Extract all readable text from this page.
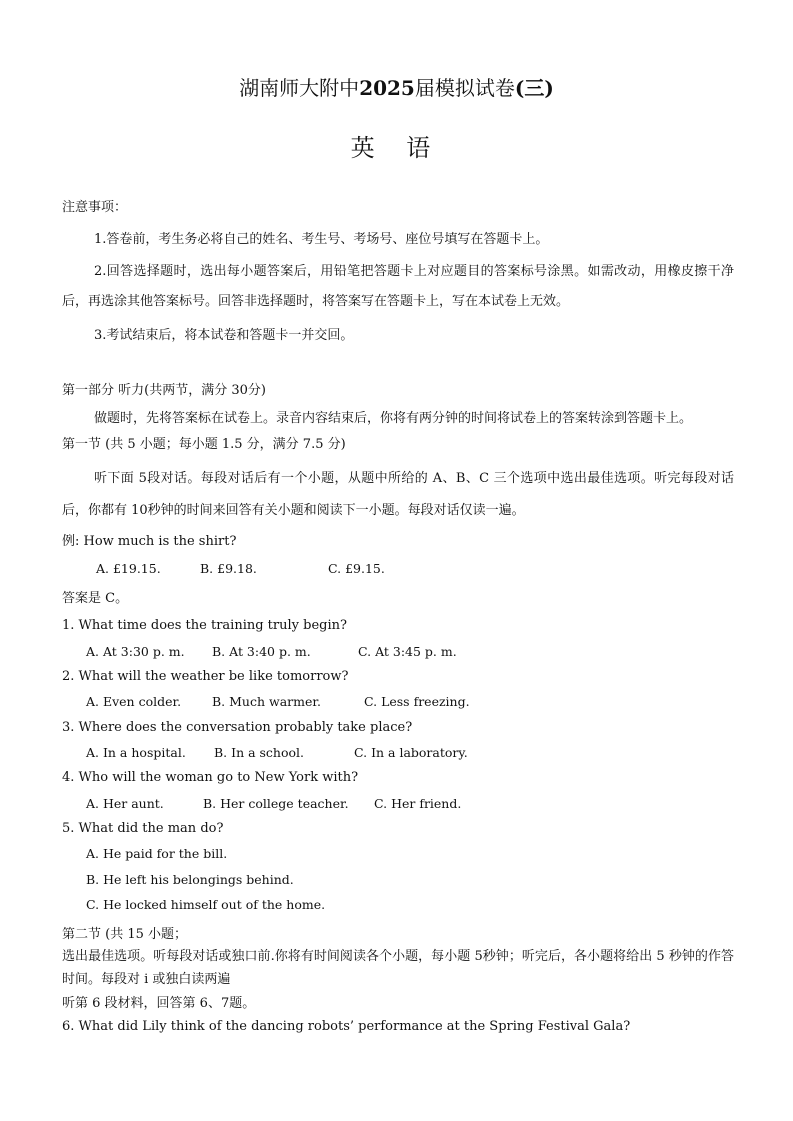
湖南师大附中2025届模拟试卷(三)
英 语
注意事项：
1.答卷前，考生务必将自己的姓名、考生号、考场号、座位号填写在答题卡上。
2.回答选择题时，选出每小题答案后，用铅笔把答题卡上对应题目的答案标号涂黑。如需改动，用橡皮擦干净后，再选涂其他答案标号。回答非选择题时，将答案写在答题卡上，写在本试卷上无效。
3.考试结束后，将本试卷和答题卡一并交回。
第一部分 听力(共两节，满分 30分)
做题时，先将答案标在试卷上。录音内容结束后，你将有两分钟的时间将试卷上的答案转涂到答题卡上。
第一节 (共 5 小题；每小题 1.5 分，满分 7.5 分)
听下面 5段对话。每段对话后有一个小题，从题中所给的 A、B、C 三个选项中选出最佳选项。听完每段对话后，你都有 10秒钟的时间来回答有关小题和阅读下一小题。每段对话仅读一遍。
例: How much is the shirt?
A. £19.15.	B. £9.18.	C. £9.15.
答案是 C。
1. What time does the training truly begin?
A. At 3:30 p. m. B. At 3:40 p. m.	C. At 3:45 p. m.
2. What will the weather be like tomorrow?
A. Even colder. B. Much warmer.	C. Less freezing.
3. Where does the conversation probably take place?
A. In a hospital. B. In a school.	C. In a laboratory.
4. Who will the woman go to New York with?
A. Her aunt.	B. Her college teacher. C. Her friend.
5. What did the man do?
A. He paid for the bill.
B. He left his belongings behind.
C. He locked himself out of the home.
第二节 (共 15 小题；
选出最佳选项。听每段对话或独口前.你将有时间阅读各个小题，每小题 5秒钟；听完后，各小题将给出 5 秒钟的作答时间。每段对 i 或独白读两遍
听第 6 段材料，回答第 6、7题。
6. What did Lily think of the dancing robots’ performance at the Spring Festival Gala?
